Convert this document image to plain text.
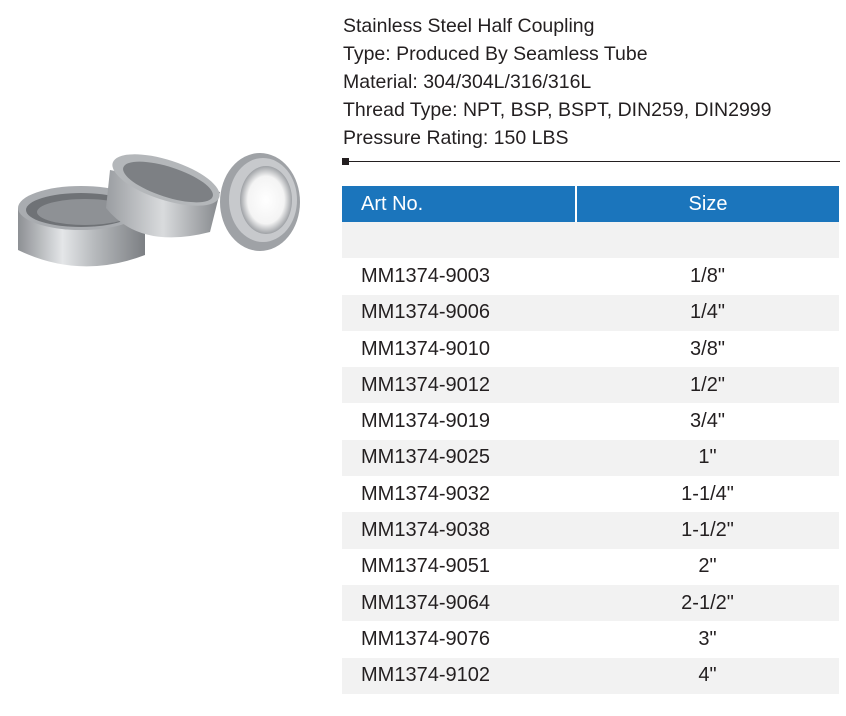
Stainless Steel Half Coupling
Type: Produced By Seamless Tube
Material: 304/304L/316/316L
Thread Type: NPT, BSP, BSPT, DIN259, DIN2999
Pressure Rating: 150 LBS
Art No.	Size

MM1374-9003	1/8"
MM1374-9006	1/4"
MM1374-9010	3/8"
MM1374-9012	1/2"
MM1374-9019	3/4"
MM1374-9025	1"
MM1374-9032	1-1/4"
MM1374-9038	1-1/2"
MM1374-9051	2"
MM1374-9064	2-1/2"
MM1374-9076	3"
MM1374-9102	4"
